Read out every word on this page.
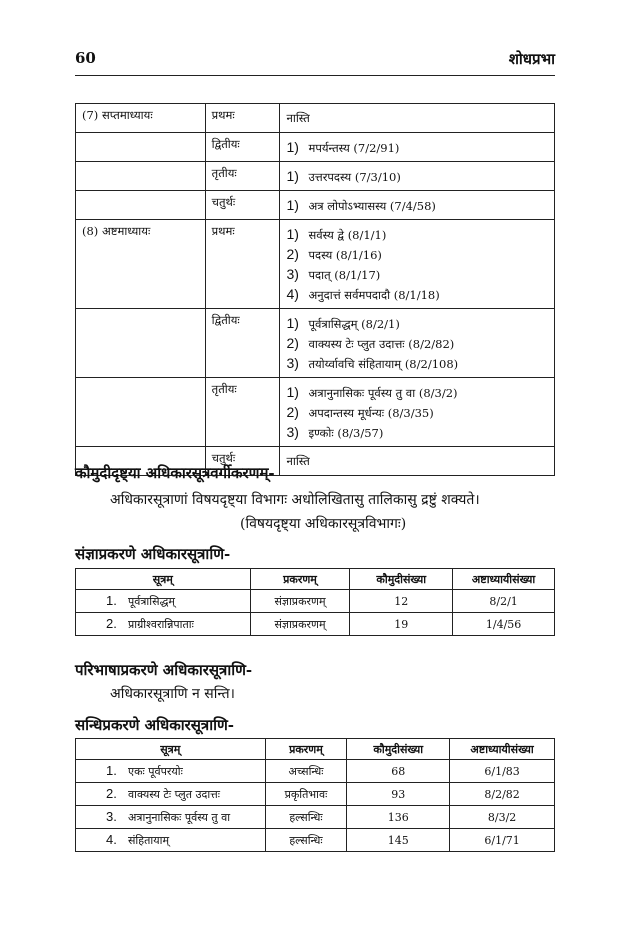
60	शोधप्रभा
(7) सप्तमाध्यायः	प्रथमः	नास्ति

	द्वितीयः	1) मपर्यन्तस्य (7/2/91)

	तृतीयः	1) उत्तरपदस्य (7/3/10)

	चतुर्थः	1) अत्र लोपोऽभ्यासस्य (7/4/58)

(8) अष्टमाध्यायः	प्रथमः	1) सर्वस्य द्वे (8/1/1)
2) पदस्य (8/1/16)
3) पदात् (8/1/17)
4) अनुदात्तं सर्वमपदादौ (8/1/18)

	द्वितीयः	1) पूर्वत्रासिद्धम् (8/2/1)
2) वाक्यस्य टेः प्लुत उदात्तः (8/2/82)
3) तयोर्य्वावचि संहितायाम् (8/2/108)

	तृतीयः	1) अत्रानुनासिकः पूर्वस्य तु वा (8/3/2)
2) अपदान्तस्य मूर्धन्यः (8/3/35)
3) इण्कोः (8/3/57)

	चतुर्थः	नास्ति
कौमुदीदृष्ट्या अधिकारसूत्रवर्गीकरणम्-
अधिकारसूत्राणां विषयदृष्ट्या विभागः अधोलिखितासु तालिकासु द्रष्टुं शक्यते।
(विषयदृष्ट्या अधिकारसूत्रविभागः)
संज्ञाप्रकरणे अधिकारसूत्राणि-
सूत्रम्	प्रकरणम्	कौमुदीसंख्या	अष्टाध्यायीसंख्या
1. पूर्वत्रासिद्धम्	संज्ञाप्रकरणम्	12	8/2/1
2. प्राग्रीश्वरान्निपाताः	संज्ञाप्रकरणम्	19	1/4/56
परिभाषाप्रकरणे अधिकारसूत्राणि-
अधिकारसूत्राणि न सन्ति।
सन्धिप्रकरणे अधिकारसूत्राणि-
सूत्रम्	प्रकरणम्	कौमुदीसंख्या	अष्टाध्यायीसंख्या
1. एकः पूर्वपरयोः	अच्सन्धिः	68	6/1/83
2. वाक्यस्य टेः प्लुत उदात्तः	प्रकृतिभावः	93	8/2/82
3. अत्रानुनासिकः पूर्वस्य तु वा	हल्सन्धिः	136	8/3/2
4. संहितायाम्	हल्सन्धिः	145	6/1/71
